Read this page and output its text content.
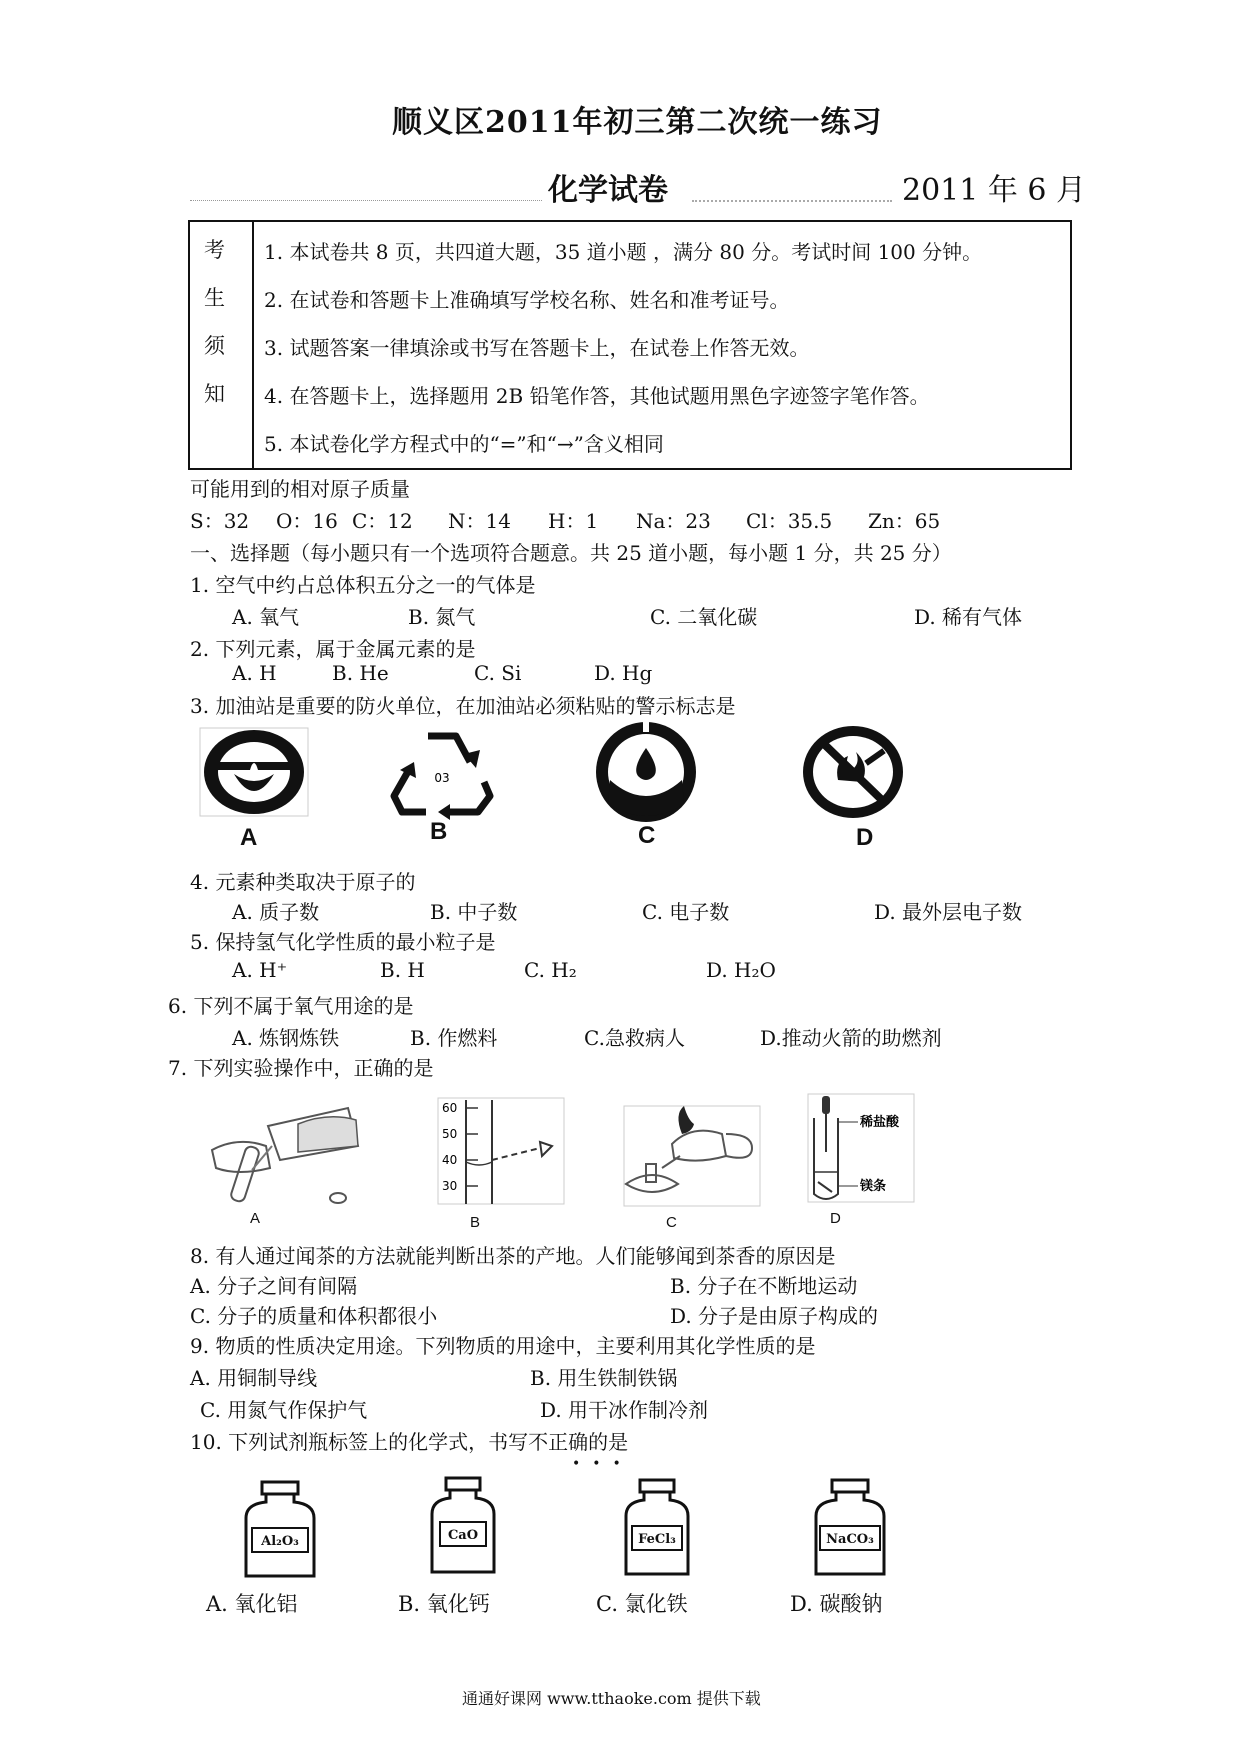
顺义区2011年初三第二次统一练习
化学试卷	2011 年 6 月
考
生
须
知
1. 本试卷共 8 页，共四道大题，35 道小题 ，满分 80 分。考试时间 100 分钟。
2. 在试卷和答题卡上准确填写学校名称、姓名和准考证号。
3. 试题答案一律填涂或书写在答题卡上，在试卷上作答无效。
4. 在答题卡上，选择题用 2B 铅笔作答，其他试题用黑色字迹签字笔作答。
5. 本试卷化学方程式中的“=”和“→”含义相同
可能用到的相对原子质量
S：32 O：16 C：12 N：14 H：1 Na：23 Cl：35.5 Zn：65
一、选择题（每小题只有一个选项符合题意。共 25 道小题，每小题 1 分，共 25 分）
1. 空气中约占总体积五分之一的气体是
A. 氧气	B. 氮气	C. 二氧化碳	D. 稀有气体
2. 下列元素，属于金属元素的是
A. H	B. He	C. Si	D. Hg
3. 加油站是重要的防火单位，在加油站必须粘贴的警示标志是
03
A	B	C	D
4. 元素种类取决于原子的
A. 质子数	B. 中子数	C. 电子数	D. 最外层电子数
5. 保持氢气化学性质的最小粒子是
A. H⁺	B. H	C. H₂	D. H₂O
6. 下列不属于氧气用途的是
A. 炼钢炼铁	B. 作燃料	C.急救病人	D.推动火箭的助燃剂
7. 下列实验操作中，正确的是
60
50
40
30
稀盐酸
镁条
A	B	C	D
8. 有人通过闻茶的方法就能判断出茶的产地。人们能够闻到茶香的原因是
A. 分子之间有间隔	B. 分子在不断地运动
C. 分子的质量和体积都很小	D. 分子是由原子构成的
9. 物质的性质决定用途。下列物质的用途中，主要利用其化学性质的是
A. 用铜制导线	B. 用生铁制铁锅
C. 用氮气作保护气	D. 用干冰作制冷剂
10. 下列试剂瓶标签上的化学式，书写不正确的是
•••
Al₂O₃	CaO	FeCl₃	NaCO₃
A. 氧化铝	B. 氧化钙	C. 氯化铁	D. 碳酸钠
通通好课网 www.tthaoke.com 提供下载
